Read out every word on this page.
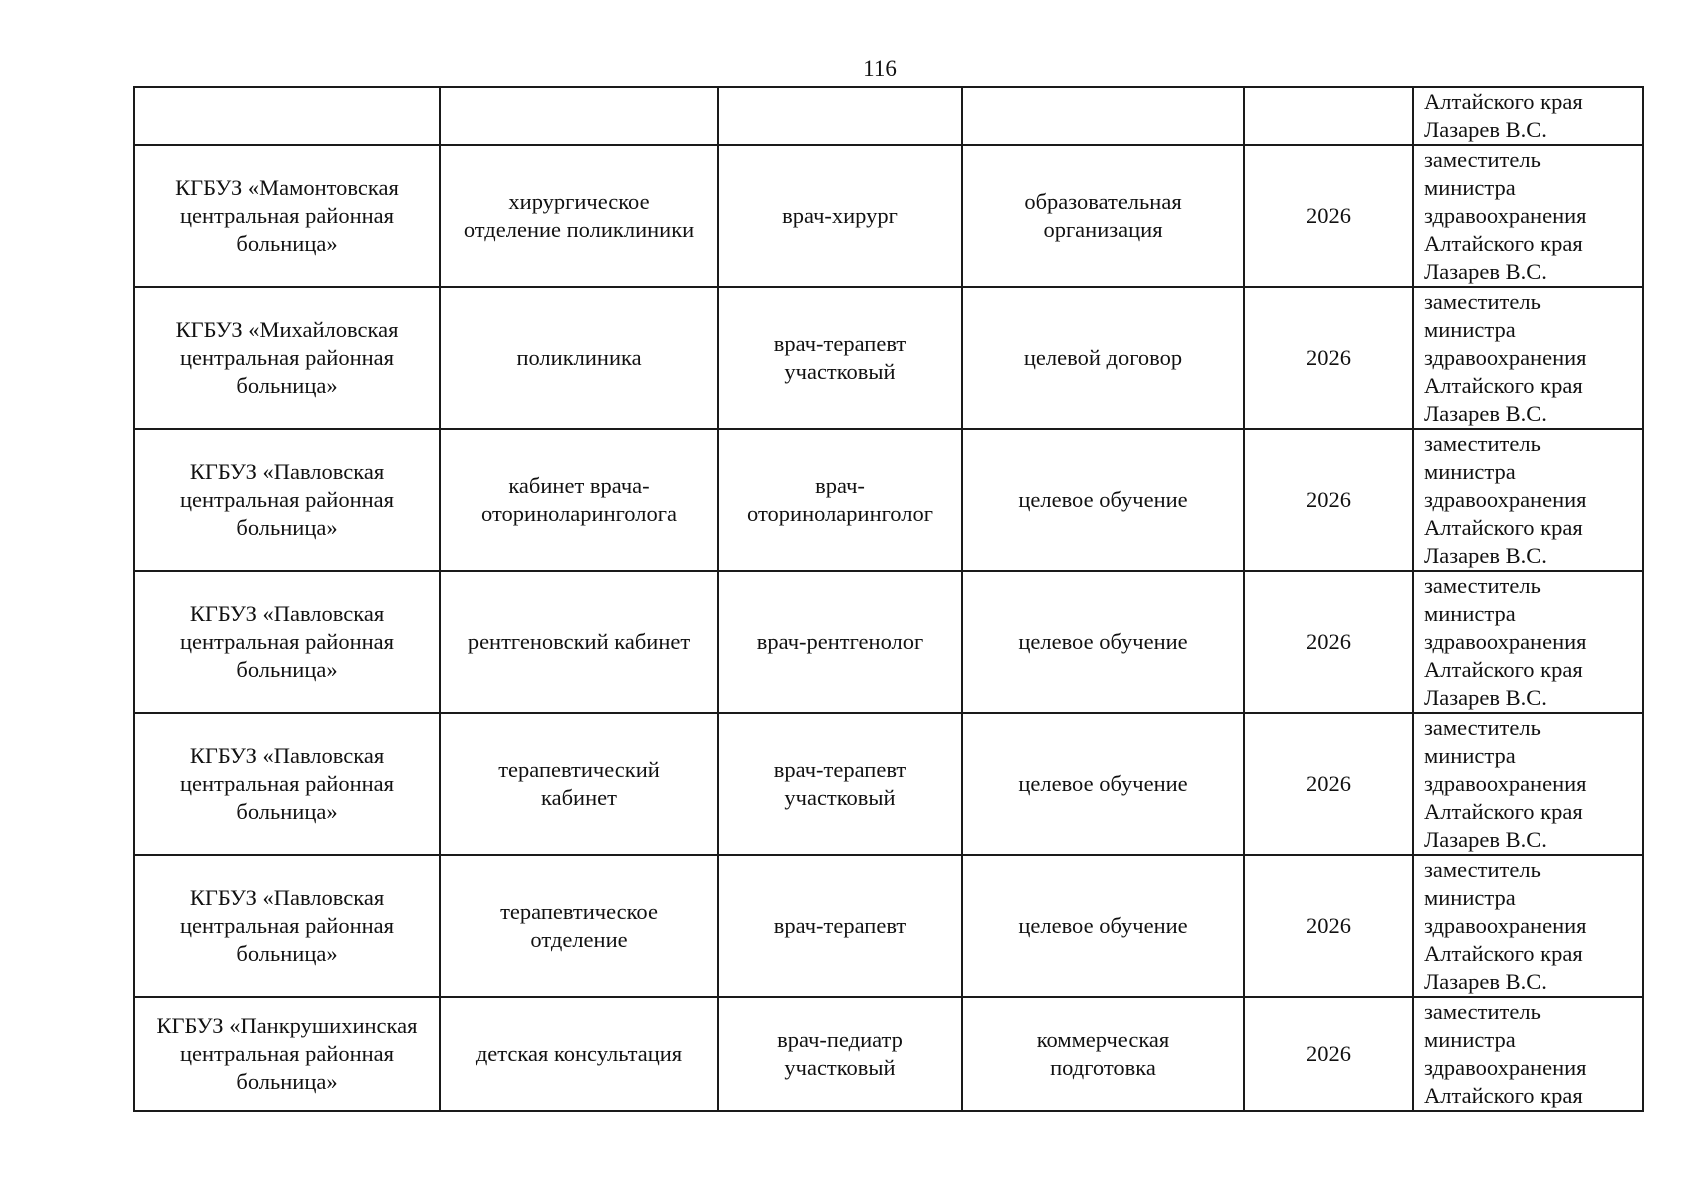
116

					Алтайского края
Лазарев В.С.

КГБУЗ «Мамонтовская
центральная районная
больница»	хирургическое
отделение поликлиники	врач-хирург	образовательная
организация	2026	заместитель
министра
здравоохранения
Алтайского края
Лазарев В.С.

КГБУЗ «Михайловская
центральная районная
больница»	поликлиника	врач-терапевт
участковый	целевой договор	2026	заместитель
министра
здравоохранения
Алтайского края
Лазарев В.С.

КГБУЗ «Павловская
центральная районная
больница»	кабинет врача-
оториноларинголога	врач-
оториноларинголог	целевое обучение	2026	заместитель
министра
здравоохранения
Алтайского края
Лазарев В.С.

КГБУЗ «Павловская
центральная районная
больница»	рентгеновский кабинет	врач-рентгенолог	целевое обучение	2026	заместитель
министра
здравоохранения
Алтайского края
Лазарев В.С.

КГБУЗ «Павловская
центральная районная
больница»	терапевтический
кабинет	врач-терапевт
участковый	целевое обучение	2026	заместитель
министра
здравоохранения
Алтайского края
Лазарев В.С.

КГБУЗ «Павловская
центральная районная
больница»	терапевтическое
отделение	врач-терапевт	целевое обучение	2026	заместитель
министра
здравоохранения
Алтайского края
Лазарев В.С.

КГБУЗ «Панкрушихинская
центральная районная
больница»	детская консультация	врач-педиатр
участковый	коммерческая
подготовка	2026	заместитель
министра
здравоохранения
Алтайского края
